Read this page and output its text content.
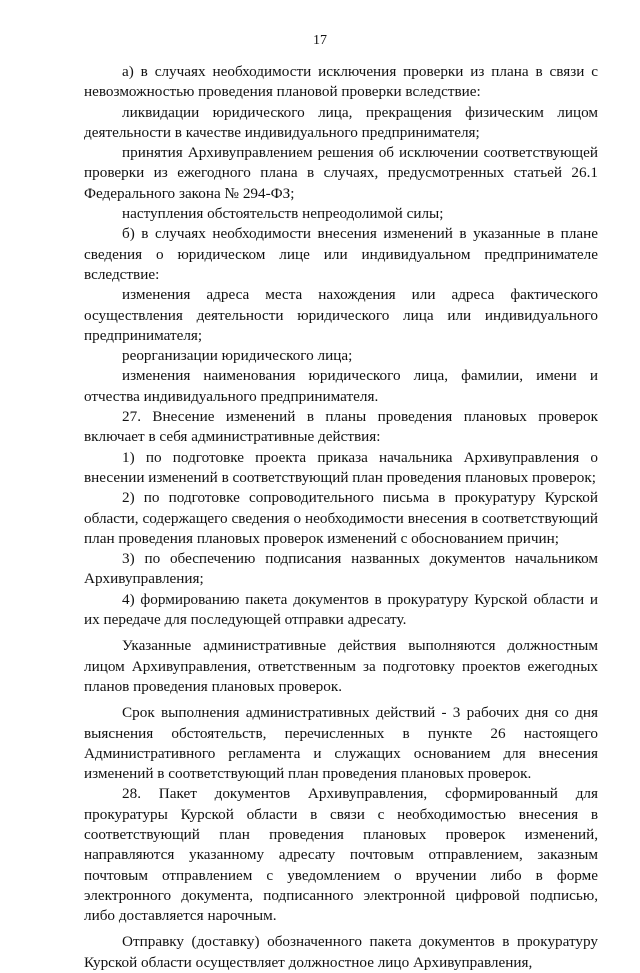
17

а) в случаях необходимости исключения проверки из плана в связи с невозможностью проведения плановой проверки вследствие:

ликвидации юридического лица, прекращения физическим лицом деятельности в качестве индивидуального предпринимателя;

принятия Архивуправлением решения об исключении соответствующей проверки из ежегодного плана в случаях, предусмотренных статьей 26.1 Федерального закона № 294-ФЗ;

наступления обстоятельств непреодолимой силы;

б) в случаях необходимости внесения изменений в указанные в плане сведения о юридическом лице или индивидуальном предпринимателе вследствие:

изменения адреса места нахождения или адреса фактического осуществления деятельности юридического лица или индивидуального предпринимателя;

реорганизации юридического лица;

изменения наименования юридического лица, фамилии, имени и отчества индивидуального предпринимателя.

27. Внесение изменений в планы проведения плановых проверок включает в себя административные действия:

1) по подготовке проекта приказа начальника Архивуправления о внесении изменений в соответствующий план проведения плановых проверок;

2) по подготовке сопроводительного письма в прокуратуру Курской области, содержащего сведения о необходимости внесения в соответствующий план проведения плановых проверок изменений с обоснованием причин;

3) по обеспечению подписания названных документов начальником Архивуправления;

4) формированию пакета документов в прокуратуру Курской области и их передаче для последующей отправки адресату.

Указанные административные действия выполняются должностным лицом Архивуправления, ответственным за подготовку проектов ежегодных планов проведения плановых проверок.

Срок выполнения административных действий - 3 рабочих дня со дня выяснения обстоятельств, перечисленных в пункте 26 настоящего Административного регламента и служащих основанием для внесения изменений в соответствующий план проведения плановых проверок.

28. Пакет документов Архивуправления, сформированный для прокуратуры Курской области в связи с необходимостью внесения в соответствующий план проведения плановых проверок изменений, направляются указанному адресату почтовым отправлением, заказным почтовым отправлением с уведомлением о вручении либо в форме электронного документа, подписанного электронной цифровой подписью, либо доставляется нарочным.

Отправку (доставку) обозначенного пакета документов в прокуратуру Курской области осуществляет должностное лицо Архивуправления,
